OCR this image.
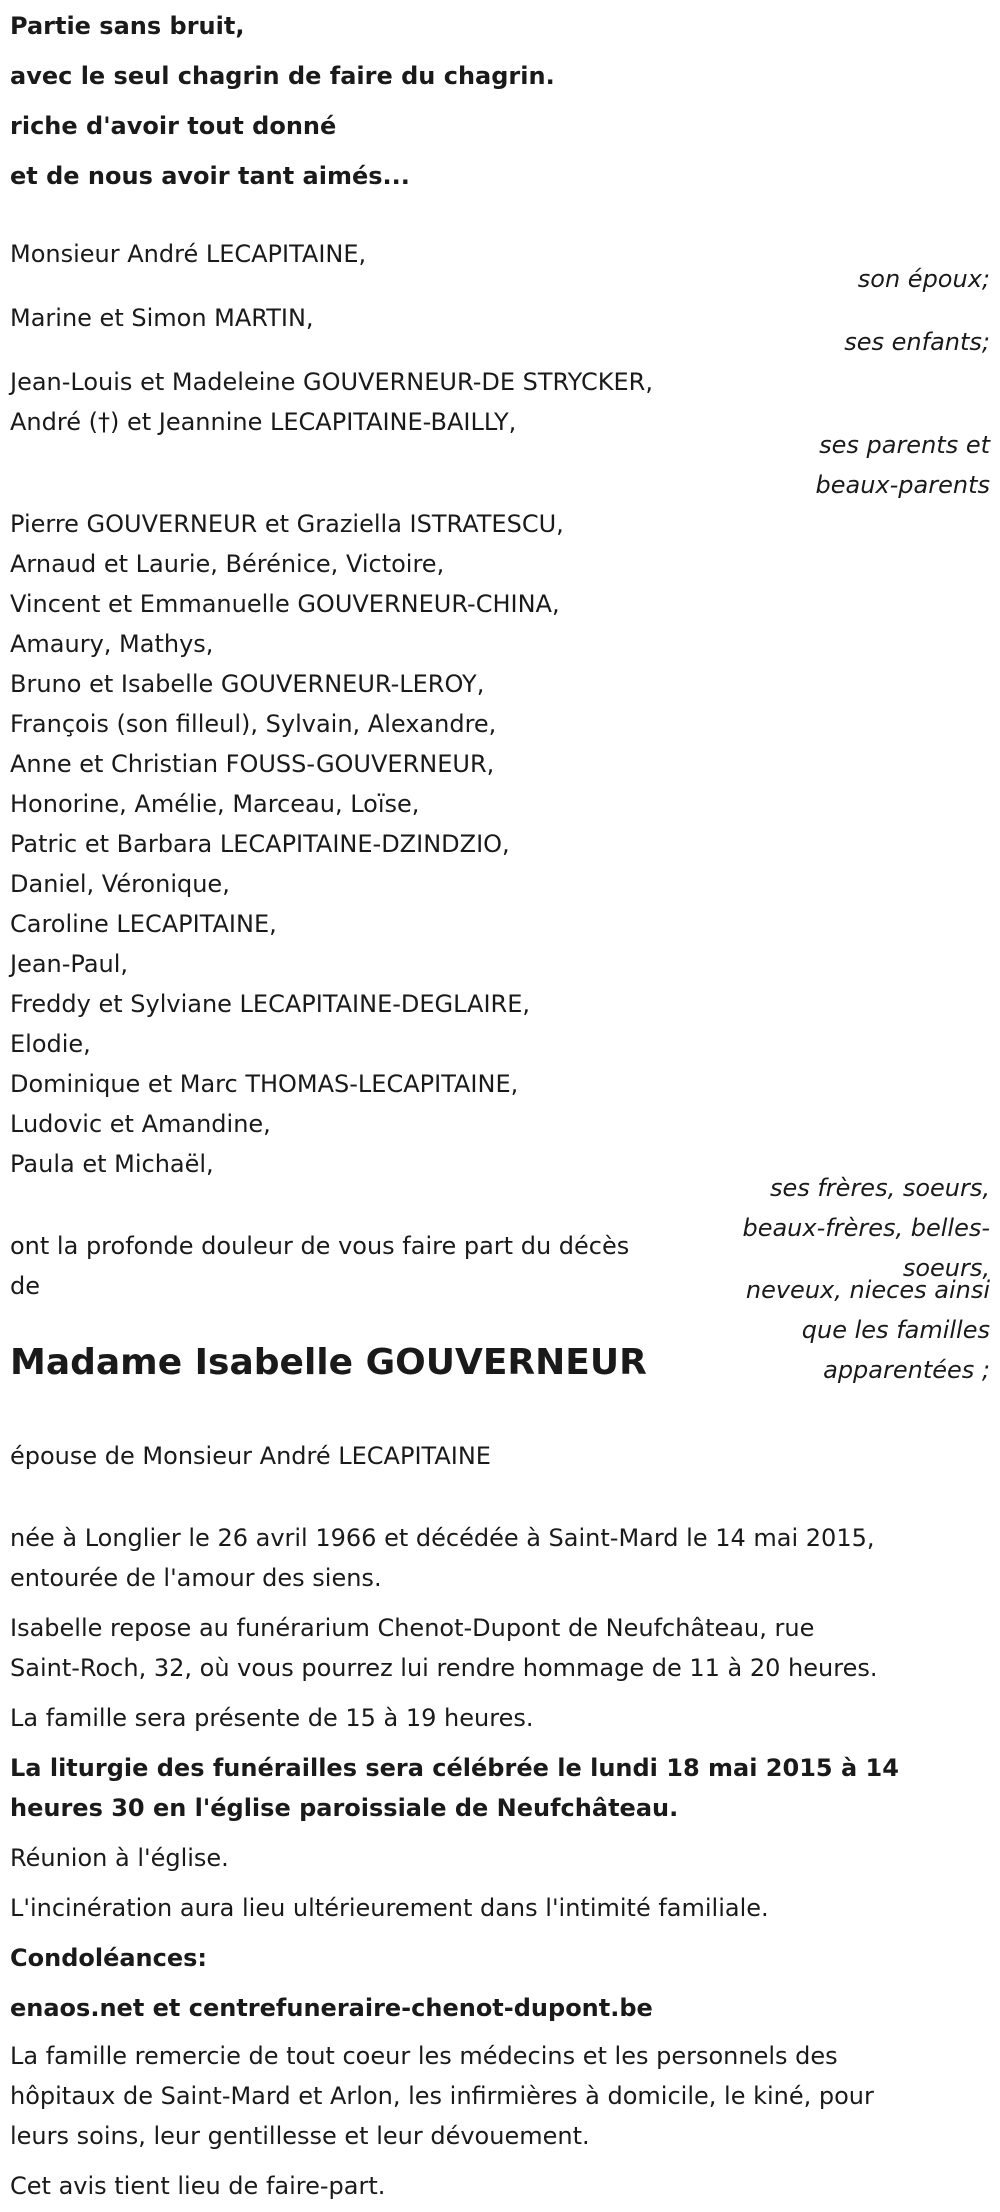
Partie sans bruit,

avec le seul chagrin de faire du chagrin.

riche d'avoir tout donné

et de nous avoir tant aimés...

Monsieur André LECAPITAINE,

son époux;

Marine et Simon MARTIN,

ses enfants;

Jean-Louis et Madeleine GOUVERNEUR-DE STRYCKER,

André (†) et Jeannine LECAPITAINE-BAILLY,

ses parents et

beaux-parents

Pierre GOUVERNEUR et Graziella ISTRATESCU,
Arnaud et Laurie, Bérénice, Victoire,
Vincent et Emmanuelle GOUVERNEUR-CHINA,
Amaury, Mathys,
Bruno et Isabelle GOUVERNEUR-LEROY,
François (son filleul), Sylvain, Alexandre,
Anne et Christian FOUSS-GOUVERNEUR,
Honorine, Amélie, Marceau, Loïse,
Patric et Barbara LECAPITAINE-DZINDZIO,
Daniel, Véronique,
Caroline LECAPITAINE,
Jean-Paul,
Freddy et Sylviane LECAPITAINE-DEGLAIRE,
Elodie,
Dominique et Marc THOMAS-LECAPITAINE,
Ludovic et Amandine,
Paula et Michaël,

ses frères, soeurs,

beaux-frères, belles-

soeurs,

neveux, nieces ainsi

que les familles

apparentées ;

ont la profonde douleur de vous faire part du décès

de

Madame Isabelle GOUVERNEUR

épouse de Monsieur André LECAPITAINE

née à Longlier le 26 avril 1966 et décédée à Saint-Mard le 14 mai 2015,

entourée de l'amour des siens.

Isabelle repose au funérarium Chenot-Dupont de Neufchâteau, rue

Saint-Roch, 32, où vous pourrez lui rendre hommage de 11 à 20 heures.

La famille sera présente de 15 à 19 heures.

La liturgie des funérailles sera célébrée le lundi 18 mai 2015 à 14

heures 30 en l'église paroissiale de Neufchâteau.

Réunion à l'église.

L'incinération aura lieu ultérieurement dans l'intimité familiale.

Condoléances:

enaos.net et centrefuneraire-chenot-dupont.be

La famille remercie de tout coeur les médecins et les personnels des

hôpitaux de Saint-Mard et Arlon, les infirmières à domicile, le kiné, pour

leurs soins, leur gentillesse et leur dévouement.

Cet avis tient lieu de faire-part.
